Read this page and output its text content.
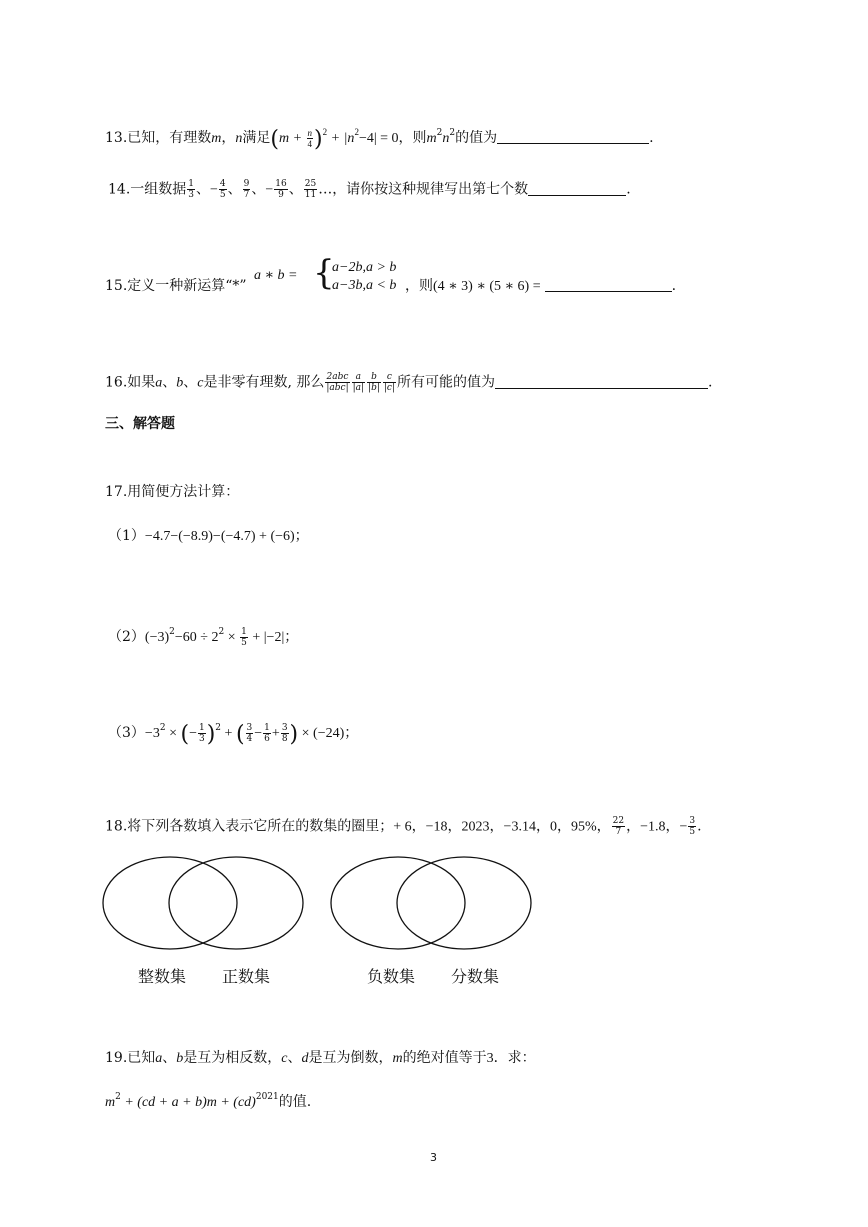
13.已知，有理数m，n满足$(m + \frac{n}{4} )^2 + |n^2-4| = 0$，则$m^2n^2$的值为	.
14.一组数据 $\frac{1}{3}$ 、− $\frac{4}{5}$ 、 $\frac{9}{7}$ 、− $\frac{16}{9}$ 、 $\frac{25}{11}$ …，请你按这种规律写出第七个数	.
15.定义一种新运算“*”
a ∗ b = {
a−2b,a > b
a−3b,a < b ，则(4 ∗ 3) ∗ (5 ∗ 6) =	.
16.如果a、b、c是非零有理数, 那么 $\frac{\text{2abc}}{\text{|abc|}} \frac{a}{|a|} \frac{b}{|b|} \frac{c}{|c|}$ 所有可能的值为	.
三、解答题
17.用简便方法计算：
（1）−4.7−(−8.9)−(−4.7) + (−6)；
$(2)(-3)^2-60 \div 2^2 \times \frac{1}{5} + |-2|$；
$(3)-3^2$ × (− $\frac{1}{3} )^2$ + ( $\frac{3}{4} - \frac{1}{6} + \frac{3}{8}$ ) × (−24)；
18.将下列各数填入表示它所在的数集的圈里；+ 6，−18，2023，−3.14，0，95%， $\frac{22}{7}$ ，−1.8，− $\frac{3}{5}$ .
整数集 正数集	负数集 分数集
19.已知a、b是互为相反数，c、d是互为倒数，m的绝对值等于3．求：
$m^2 + (cd + a + b)m + (cd)^{2021}$的值.
3
